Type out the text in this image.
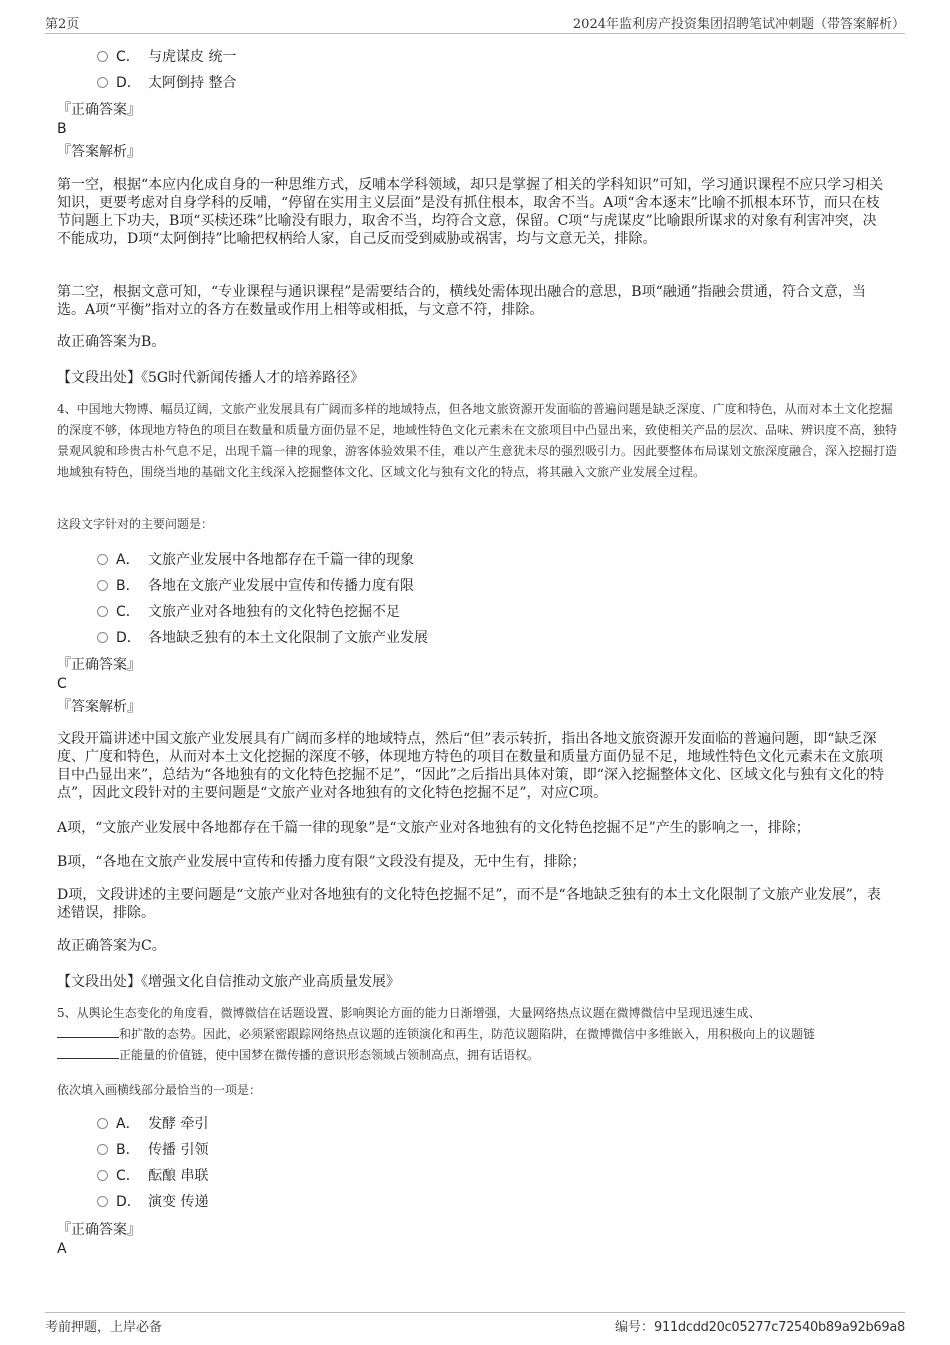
第2页	2024年监利房产投资集团招聘笔试冲刺题（带答案解析）
C． 与虎谋皮 统一
D． 太阿倒持 整合
『正确答案』
B
『答案解析』

第一空，根据“本应内化成自身的一种思维方式，反哺本学科领域，却只是掌握了相关的学科知识”可知，学习通识课程不应只学习相关知识，更要考虑对自身学科的反哺，“停留在实用主义层面”是没有抓住根本，取舍不当。A项“舍本逐末”比喻不抓根本环节，而只在枝节问题上下功夫，B项“买椟还珠”比喻没有眼力，取舍不当，均符合文意，保留。C项“与虎谋皮”比喻跟所谋求的对象有利害冲突，决不能成功，D项“太阿倒持”比喻把权柄给人家，自己反而受到威胁或祸害，均与文意无关，排除。

第二空，根据文意可知，“专业课程与通识课程”是需要结合的，横线处需体现出融合的意思，B项“融通”指融会贯通，符合文意，当选。A项“平衡”指对立的各方在数量或作用上相等或相抵，与文意不符，排除。

故正确答案为B。

【文段出处】《5G时代新闻传播人才的培养路径》

4、中国地大物博、幅员辽阔，文旅产业发展具有广阔而多样的地域特点，但各地文旅资源开发面临的普遍问题是缺乏深度、广度和特色，从而对本土文化挖掘的深度不够，体现地方特色的项目在数量和质量方面仍显不足，地域性特色文化元素未在文旅项目中凸显出来，致使相关产品的层次、品味、辨识度不高，独特景观风貌和珍贵古朴气息不足，出现千篇一律的现象，游客体验效果不佳，难以产生意犹未尽的强烈吸引力。因此要整体布局谋划文旅深度融合，深入挖掘打造地域独有特色，围绕当地的基础文化主线深入挖掘整体文化、区域文化与独有文化的特点，将其融入文旅产业发展全过程。

这段文字针对的主要问题是：
A． 文旅产业发展中各地都存在千篇一律的现象
B． 各地在文旅产业发展中宣传和传播力度有限
C． 文旅产业对各地独有的文化特色挖掘不足
D． 各地缺乏独有的本土文化限制了文旅产业发展
『正确答案』
C
『答案解析』

文段开篇讲述中国文旅产业发展具有广阔而多样的地域特点，然后“但”表示转折，指出各地文旅资源开发面临的普遍问题，即“缺乏深度、广度和特色，从而对本土文化挖掘的深度不够，体现地方特色的项目在数量和质量方面仍显不足，地域性特色文化元素未在文旅项目中凸显出来”，总结为“各地独有的文化特色挖掘不足”，“因此”之后指出具体对策，即“深入挖掘整体文化、区域文化与独有文化的特点”，因此文段针对的主要问题是“文旅产业对各地独有的文化特色挖掘不足”，对应C项。

A项，“文旅产业发展中各地都存在千篇一律的现象”是“文旅产业对各地独有的文化特色挖掘不足”产生的影响之一，排除；

B项，“各地在文旅产业发展中宣传和传播力度有限”文段没有提及，无中生有，排除；

D项，文段讲述的主要问题是“文旅产业对各地独有的文化特色挖掘不足”，而不是“各地缺乏独有的本土文化限制了文旅产业发展”，表述错误，排除。

故正确答案为C。

【文段出处】《增强文化自信推动文旅产业高质量发展》
5、从舆论生态变化的角度看，微博微信在话题设置、影响舆论方面的能力日渐增强，大量网络热点议题在微博微信中呈现迅速生成、
和扩散的态势。因此，必须紧密跟踪网络热点议题的连锁演化和再生，防范议题陷阱，在微博微信中多维嵌入，用积极向上的议题链
正能量的价值链，使中国梦在微传播的意识形态领域占领制高点，拥有话语权。
依次填入画横线部分最恰当的一项是：
A． 发酵 牵引
B． 传播 引领
C． 酝酿 串联
D． 演变 传递
『正确答案』
A
考前押题，上岸必备	编号：911dcdd20c05277c72540b89a92b69a8
